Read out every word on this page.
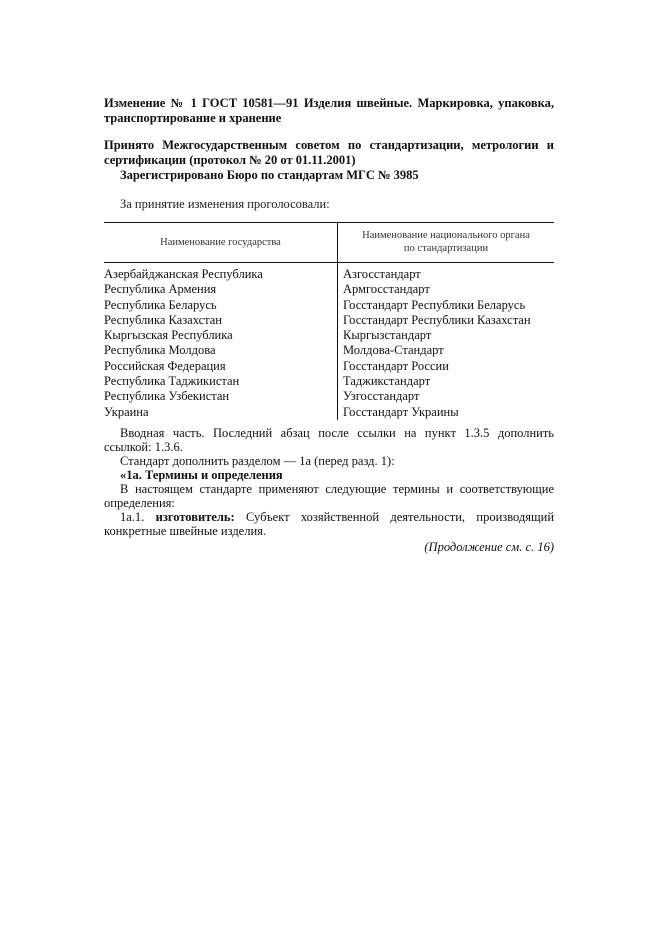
Изменение № 1 ГОСТ 10581—91 Изделия швейные. Маркировка, упаковка, транспортирование и хранение

Принято Межгосударственным советом по стандартизации, метрологии и сертификации (протокол № 20 от 01.11.2001)

Зарегистрировано Бюро по стандартам МГС № 3985

За принятие изменения проголосовали:

Наименование государства	Наименование национального органа по стандартизации

Азербайджанская Республика	Азгосстандарт
Республика Армения	Армгосстандарт
Республика Беларусь	Госстандарт Республики Беларусь
Республика Казахстан	Госстандарт Республики Казахстан
Кыргызская Республика	Кыргызстандарт
Республика Молдова	Молдова-Стандарт
Российская Федерация	Госстандарт России
Республика Таджикистан	Таджикстандарт
Республика Узбекистан	Узгосстандарт
Украина	Госстандарт Украины

Вводная часть. Последний абзац после ссылки на пункт 1.3.5 дополнить ссылкой: 1.3.6.

Стандарт дополнить разделом — 1а (перед разд. 1):

«1а. Термины и определения

В настоящем стандарте применяют следующие термины и соответствующие определения:

1а.1. изготовитель: Субъект хозяйственной деятельности, производящий конкретные швейные изделия.

(Продолжение см. с. 16)
